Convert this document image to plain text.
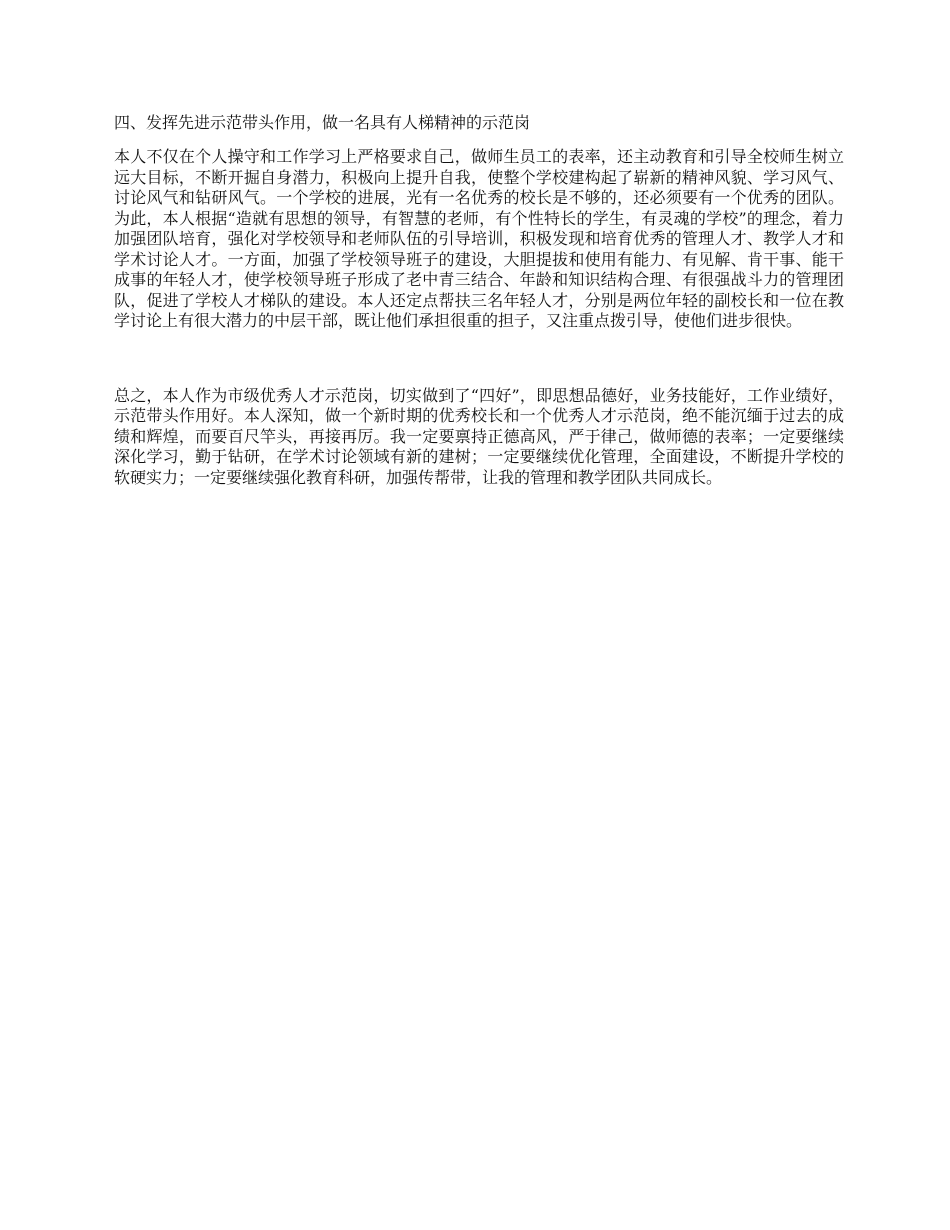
四、发挥先进示范带头作用，做一名具有人梯精神的示范岗

本人不仅在个人操守和工作学习上严格要求自己，做师生员工的表率，还主动教育和引导全校师生树立远大目标，不断开掘自身潜力，积极向上提升自我，使整个学校建构起了崭新的精神风貌、学习风气、讨论风气和钻研风气。一个学校的进展，光有一名优秀的校长是不够的，还必须要有一个优秀的团队。为此，本人根据“造就有思想的领导，有智慧的老师，有个性特长的学生，有灵魂的学校”的理念，着力加强团队培育，强化对学校领导和老师队伍的引导培训，积极发现和培育优秀的管理人才、教学人才和学术讨论人才。一方面，加强了学校领导班子的建设，大胆提拔和使用有能力、有见解、肯干事、能干成事的年轻人才，使学校领导班子形成了老中青三结合、年龄和知识结构合理、有很强战斗力的管理团队，促进了学校人才梯队的建设。本人还定点帮扶三名年轻人才，分别是两位年轻的副校长和一位在教学讨论上有很大潜力的中层干部，既让他们承担很重的担子，又注重点拨引导，使他们进步很快。

总之，本人作为市级优秀人才示范岗，切实做到了“四好”，即思想品德好，业务技能好，工作业绩好，示范带头作用好。本人深知，做一个新时期的优秀校长和一个优秀人才示范岗，绝不能沉缅于过去的成绩和辉煌，而要百尺竿头，再接再厉。我一定要禀持正德高风，严于律己，做师德的表率；一定要继续深化学习，勤于钻研，在学术讨论领域有新的建树；一定要继续优化管理，全面建设，不断提升学校的软硬实力；一定要继续强化教育科研，加强传帮带，让我的管理和教学团队共同成长。
